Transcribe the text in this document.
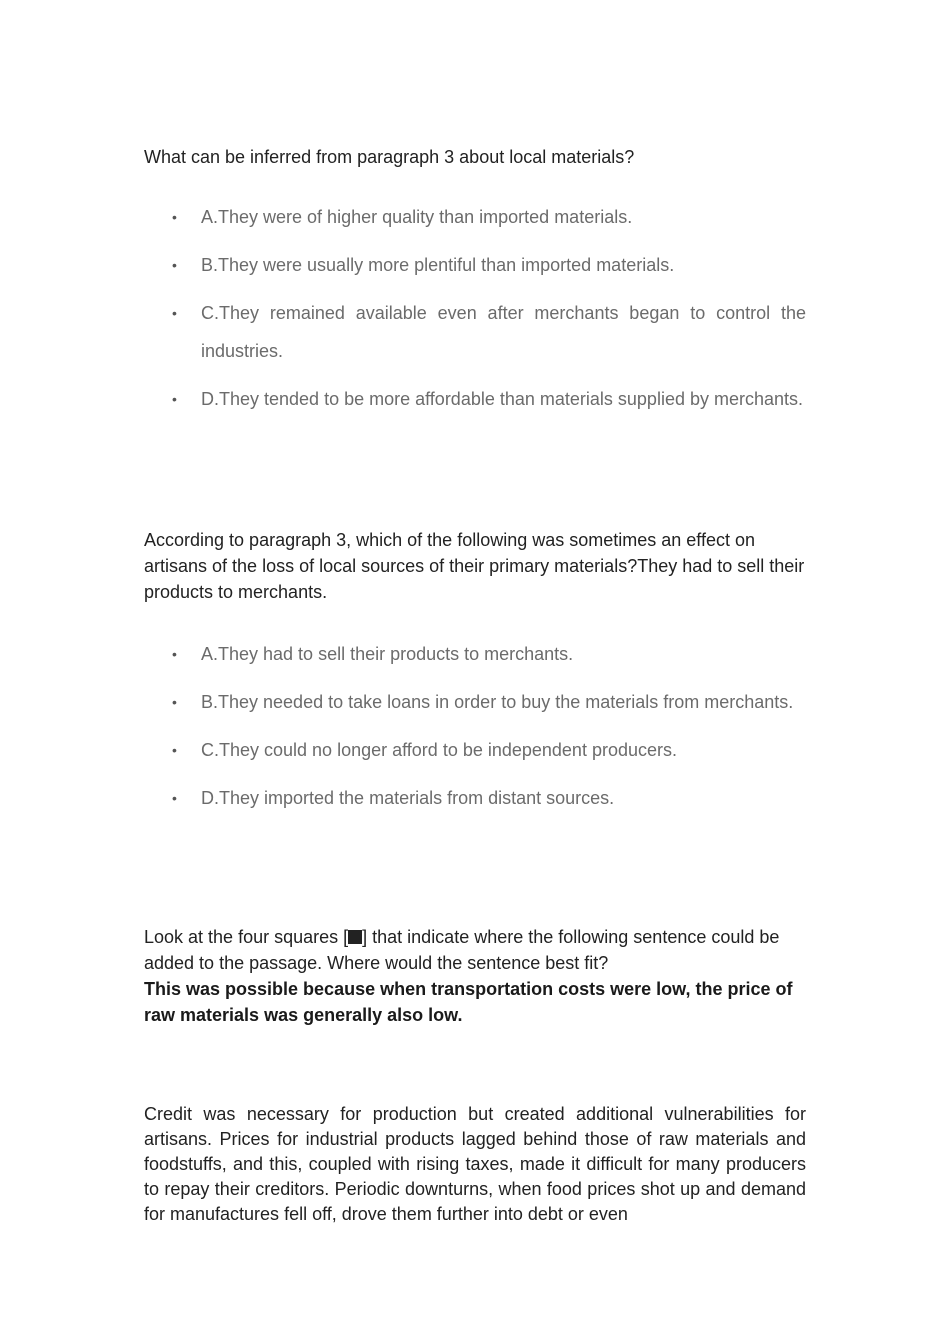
What can be inferred from paragraph 3 about local materials?

• A.They were of higher quality than imported materials.
• B.They were usually more plentiful than imported materials.
• C.They remained available even after merchants began to control the industries.
• D.They tended to be more affordable than materials supplied by merchants.

According to paragraph 3, which of the following was sometimes an effect on artisans of the loss of local sources of their primary materials?They had to sell their products to merchants.

• A.They had to sell their products to merchants.
• B.They needed to take loans in order to buy the materials from merchants.
• C.They could no longer afford to be independent producers.
• D.They imported the materials from distant sources.

Look at the four squares [ ] that indicate where the following sentence could be added to the passage. Where would the sentence best fit?

This was possible because when transportation costs were low, the price of raw materials was generally also low.

Credit was necessary for production but created additional vulnerabilities for artisans. Prices for industrial products lagged behind those of raw materials and foodstuffs, and this, coupled with rising taxes, made it difficult for many producers to repay their creditors. Periodic downturns, when food prices shot up and demand for manufactures fell off, drove them further into debt or even
